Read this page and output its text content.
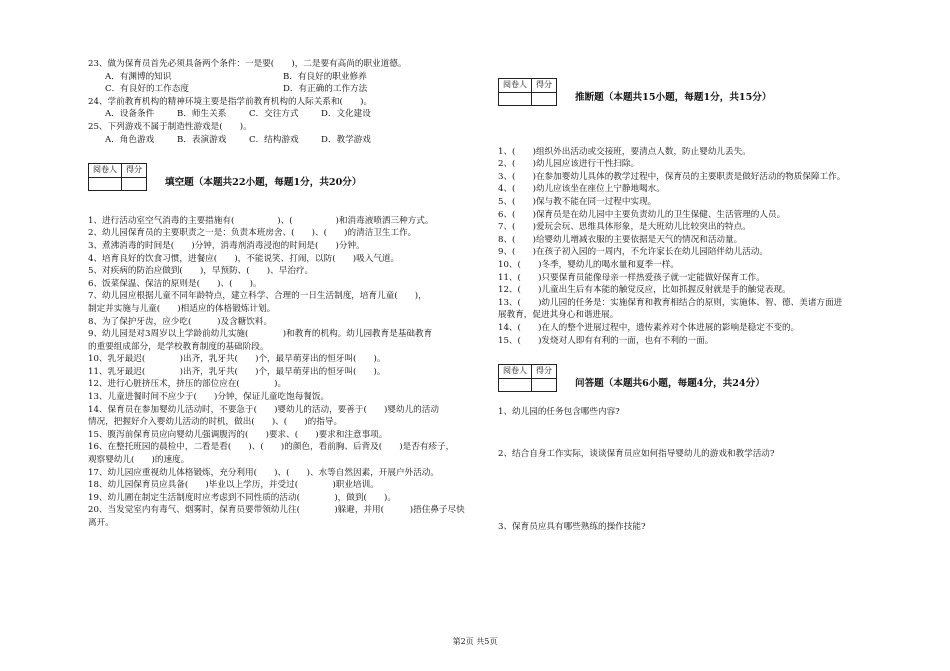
23、做为保育员首先必须具备两个条件：一是要(　　)，二是要有高尚的职业道德。
A．有渊博的知识	B．有良好的职业修养
C．有良好的工作态度	D．有正确的工作方法
24、学前教育机构的精神环境主要是指学前教育机构的人际关系和(　　)。
A．设备条件	B．师生关系	C．交往方式	D．文化建设
25、下列游戏不属于制造性游戏是(　　)。
A．角色游戏	B．表演游戏	C．结构游戏	D．教学游戏
阅卷人	得分

填空题（本题共22小题，每题1分，共20分）
1、进行活动室空气消毒的主要措施有(　　　　　)、(　　　　　)和消毒液喷洒三种方式。
2、幼儿园保育员的主要职责之一是：负责本班房舍、(　　)、(　　)的清洁卫生工作。
3、煮沸消毒的时间是(　　)分钟，消毒剂消毒浸泡的时间是(　　)分钟。
4、培育良好的饮食习惯，进餐应(　　)，不能说笑、打闹，以防(　　)吸入气道。
5、对疾病的防治应做到(　　)，早预防、(　　)、早治疗。
6、饭菜保温、保洁的原则是(　　)、(　　)。
7、幼儿园应根据儿童不同年龄特点，建立科学、合理的一日生活制度，培育儿童(　　)，
制定并实施与儿童(　　)相适应的体格锻炼计划。
8、为了保护牙齿，应少吃(　　　)及含糖饮料。
9、幼儿园是对3周岁以上学龄前幼儿实施(　　　　)和教育的机构。幼儿园教育是基础教育
的重要组成部分，是学校教育制度的基础阶段。
10、乳牙最迟(　　　　)出齐，乳牙共(　　)个，最早萌芽出的恒牙叫(　　)。
11、乳牙最迟(　　　　)出齐，乳牙共(　　)个，最早萌芽出的恒牙叫(　　)。
12、进行心脏挤压术，挤压的部位应在(　　　　)。
13、儿童进餐时间不应少于(　　)分钟，保证儿童吃饱每餐饭。
14、保育员在参加婴幼儿活动时，不要急于(　　)婴幼儿的活动，要善于(　　)婴幼儿的活动
情况，把握好介入婴幼儿活动的时机，做出(　　)、(　　)的指导。
15、腹泻前保育员应向婴幼儿强调腹泻的(　　)要求、(　　)要求和注意事项。
16、在整托班园的晨检中，二看是看(　　)、(　　)的颜色，看前胸、后背及(　　)是否有疹子，
观察婴幼儿(　　)的速度。
17、幼儿园应重视幼儿体格锻炼，充分利用(　　)、(　　)、水等自然因素，开展户外活动。
18、幼儿园保育员应具备(　　)毕业以上学历，并受过(　　　　)职业培训。
19、幼儿圃在制定生活制度时应考虑到不同性质的活动(　　　　)，做到(　　)。
20、当发觉室内有毒气、烟雾时，保育员要带领幼儿往(　　　　)躲避，并用(　　　)捂住鼻子尽快
离开。
阅卷人	得分

推断题（本题共15小题，每题1分，共15分）
1、(　　)组织外出活动或交接班，要清点人数，防止婴幼儿丢失。
2、(　　)幼儿园应该进行干性扫除。
3、(　　)在参加婴幼儿具体的教学过程中，保育员的主要职责是做好活动的物质保障工作。
4、(　　)幼儿应该坐在座位上宁静地喝水。
5、(　　)保与教不能在同一过程中实现。
6、(　　)保育员是在幼儿园中主要负责幼儿的卫生保健、生活管理的人员。
7、(　　)爱玩会玩、思维具体形象，是大班幼儿比较突出的特点。
8、(　　)给婴幼儿增减衣服的主要依据是天气的情况和活动量。
9、(　　)在孩子初入园的一周内，不允许家长在幼儿园陪伴幼儿活动。
10、(　　)冬季，婴幼儿的喝水量和夏季一样。
11、(　　)只要保育员能像母亲一样热爱孩子就一定能做好保育工作。
12、(　　)儿童出生后有本能的触觉反应，比如抓握反射就是手的触觉表现。
13、(　　)幼儿园的任务是：实施保育和教育相结合的原则，实施体、智、德、美诸方面进
展教育，促进其身心和谐进展。
14、(　　)在人的整个进展过程中，遗传素养对个体进展的影响是稳定不变的。
15、(　　)发烧对人即有有利的一面，也有不利的一面。
阅卷人	得分

问答题（本题共6小题，每题4分，共24分）
1、幼儿园的任务包含哪些内容?
2、结合自身工作实际，谈谈保育员应如何指导婴幼儿的游戏和教学活动?
3、保育员应具有哪些熟练的操作技能?
第2页 共5页
